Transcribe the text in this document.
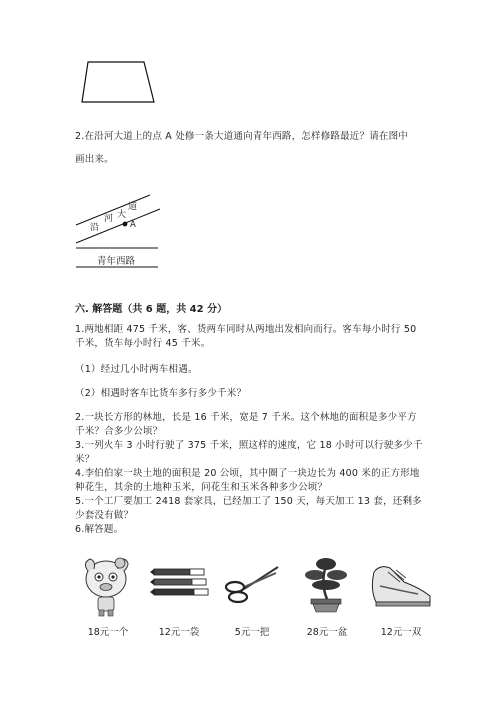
2.在沿河大道上的点 A 处修一条大道通向青年西路，怎样修路最近？请在图中
画出来。
沿
河 大
道
A
青年西路
六. 解答题（共 6 题，共 42 分）
1.两地相距 475 千米，客、货两车同时从两地出发相向而行。客车每小时行 50
千米，货车每小时行 45 千米。
（1）经过几小时两车相遇。
（2）相遇时客车比货车多行多少千米？
2.一块长方形的林地，长是 16 千米，宽是 7 千米。这个林地的面积是多少平方
千米？合多少公顷？
3.一列火车 3 小时行驶了 375 千米，照这样的速度，它 18 小时可以行驶多少千
米？
4.李伯伯家一块土地的面积是 20 公顷，其中圈了一块边长为 400 米的正方形地
种花生，其余的土地种玉米，问花生和玉米各种多少公顷？
5.一个工厂要加工 2418 套家具，已经加工了 150 天，每天加工 13 套，还剩多
少套没有做？
6.解答题。
18元一个	12元一袋	5元一把	28元一盆	12元一双
